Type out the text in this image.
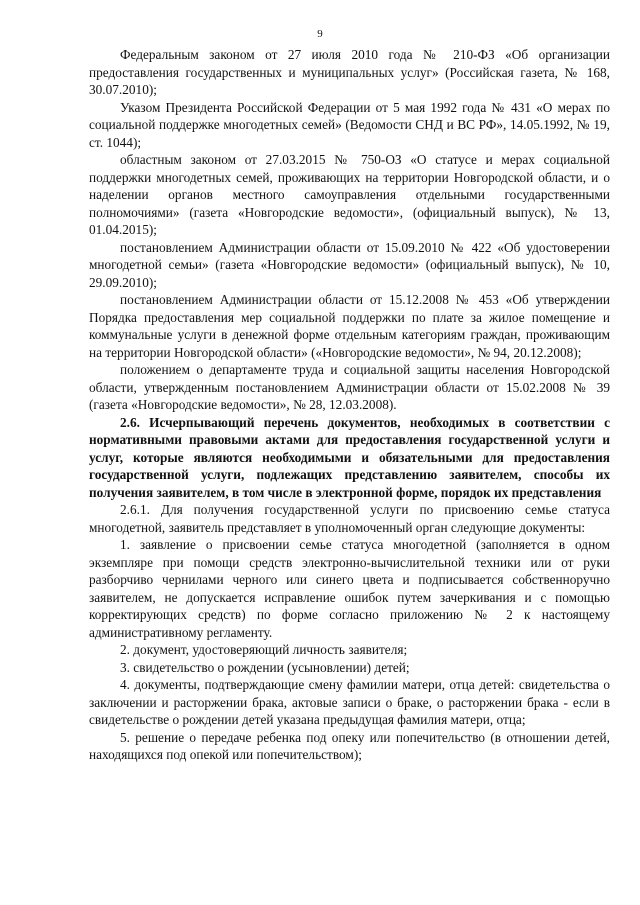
9

Федеральным законом от 27 июля 2010 года № 210-ФЗ «Об организации предоставления государственных и муниципальных услуг» (Российская газета, № 168, 30.07.2010);

Указом Президента Российской Федерации от 5 мая 1992 года № 431 «О мерах по социальной поддержке многодетных семей» (Ведомости СНД и ВС РФ», 14.05.1992, № 19, ст. 1044);

областным законом от 27.03.2015 № 750-ОЗ «О статусе и мерах социальной поддержки многодетных семей, проживающих на территории Новгородской области, и о наделении органов местного самоуправления отдельными государственными полномочиями» (газета «Новгородские ведомости», (официальный выпуск), № 13, 01.04.2015);

постановлением Администрации области от 15.09.2010 № 422 «Об удостоверении многодетной семьи» (газета «Новгородские ведомости» (официальный выпуск), № 10, 29.09.2010);

постановлением Администрации области от 15.12.2008 № 453 «Об утверждении Порядка предоставления мер социальной поддержки по плате за жилое помещение и коммунальные услуги в денежной форме отдельным категориям граждан, проживающим на территории Новгородской области» («Новгородские ведомости», № 94, 20.12.2008);

положением о департаменте труда и социальной защиты населения Новгородской области, утвержденным постановлением Администрации области от 15.02.2008 № 39 (газета «Новгородские ведомости», № 28, 12.03.2008).

2.6. Исчерпывающий перечень документов, необходимых в соответствии с нормативными правовыми актами для предоставления государственной услуги и услуг, которые являются необходимыми и обязательными для предоставления государственной услуги, подлежащих представлению заявителем, способы их получения заявителем, в том числе в электронной форме, порядок их представления

2.6.1. Для получения государственной услуги по присвоению семье статуса многодетной, заявитель представляет в уполномоченный орган следующие документы:

1. заявление о присвоении семье статуса многодетной (заполняется в одном экземпляре при помощи средств электронно-вычислительной техники или от руки разборчиво чернилами черного или синего цвета и подписывается собственноручно заявителем, не допускается исправление ошибок путем зачеркивания и с помощью корректирующих средств) по форме согласно приложению № 2 к настоящему административному регламенту.

2. документ, удостоверяющий личность заявителя;

3. свидетельство о рождении (усыновлении) детей;

4. документы, подтверждающие смену фамилии матери, отца детей: свидетельства о заключении и расторжении брака, актовые записи о браке, о расторжении брака - если в свидетельстве о рождении детей указана предыдущая фамилия матери, отца;

5. решение о передаче ребенка под опеку или попечительство (в отношении детей, находящихся под опекой или попечительством);
